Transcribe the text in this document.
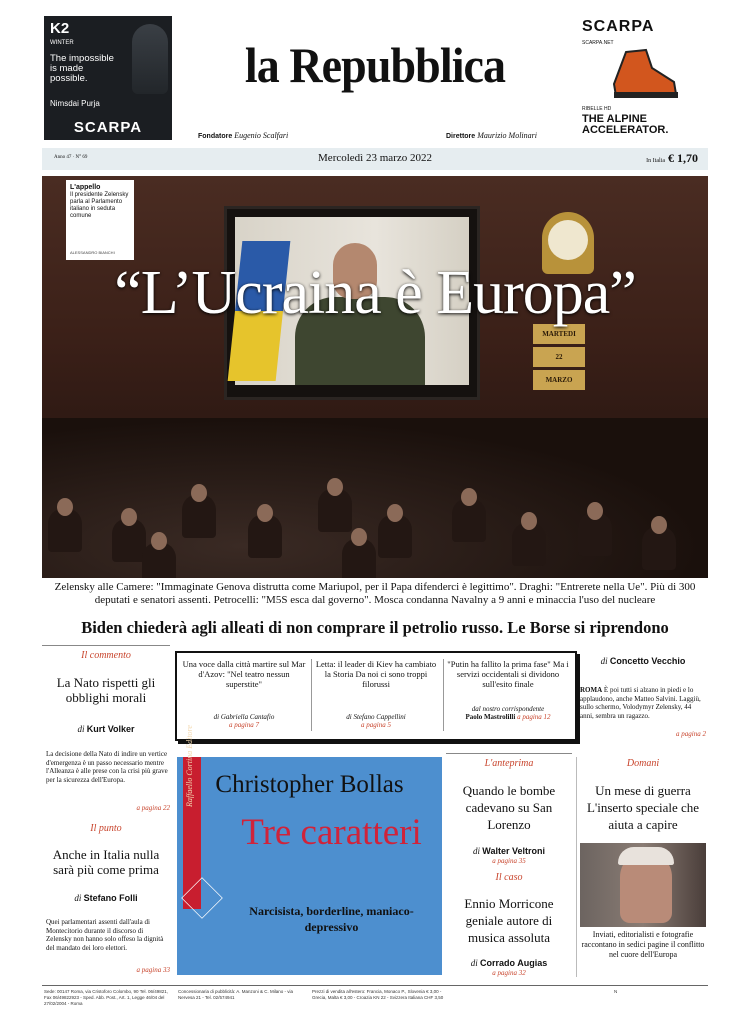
K2
WINTER
The impossible is made possible.
Nimsdai Purja
SCARPA
SCARPA
SCARPA.NET
RIBELLE HD
THE ALPINE ACCELERATOR.
la Repubblica
Fondatore Eugenio Scalfari	Direttore Maurizio Molinari
Anno 47 · N° 69	Mercoledì 23 marzo 2022	In Italia € 1,70
MARTEDI
22
MARZO
L'appello
Il presidente Zelensky parla al Parlamento italiano in seduta comune
ALESSANDRO BIANCHI
“L’Ucraina è Europa”
Zelensky alle Camere: "Immaginate Genova distrutta come Mariupol, per il Papa difenderci è legittimo". Draghi: "Entrerete nella Ue". Più di 300 deputati e senatori assenti. Petrocelli: "M5S esca dal governo". Mosca condanna Navalny a 9 anni e minaccia l'uso del nucleare
Biden chiederà agli alleati di non comprare il petrolio russo. Le Borse si riprendono
Il commento
La Nato rispetti gli obblighi morali
di Kurt Volker
La decisione della Nato di indire un vertice d'emergenza è un passo necessario mentre l'Alleanza è alle prese con la crisi più grave per la sicurezza dell'Europa.
a pagina 22
Il punto
Anche in Italia nulla sarà più come prima
di Stefano Folli
Quei parlamentari assenti dall'aula di Montecitorio durante il discorso di Zelensky non hanno solo offeso la dignità del mandato dei loro elettori.
a pagina 33
Una voce dalla città martire sul Mar d'Azov: "Nel teatro nessun superstite"
Letta: il leader di Kiev ha cambiato la Storia Da noi ci sono troppi filorussi
"Putin ha fallito la prima fase" Ma i servizi occidentali si dividono sull'esito finale
di Gabriella Cantafio
a pagina 7
di Stefano Cappellini
a pagina 5
dal nostro corrispondente
Paolo Mastrolilli a pagina 12
di Concetto Vecchio
ROMA È poi tutti si alzano in piedi e lo applaudono, anche Matteo Salvini. Laggiù, sullo schermo, Volodymyr Zelensky, 44 anni, sembra un ragazzo.
a pagina 2
Raffaello Cortina Editore Christopher Bollas
Tre caratteri
Narcisista, borderline, maniaco-depressivo
L'anteprima
Quando le bombe cadevano su San Lorenzo
di Walter Veltroni
a pagina 35
Il caso
Ennio Morricone geniale autore di musica assoluta
di Corrado Augias
a pagina 32
Domani
Un mese di guerra L'inserto speciale che aiuta a capire
Inviati, editorialisti e fotografie raccontano in sedici pagine il conflitto nel cuore dell'Europa
Sede: 00147 Roma, via Cristoforo Colombo, 90 Tel. 06/49821, Fax 06/49822923 - Sped. Abb. Post., Art. 1, Legge 46/04 del 27/02/2004 - Roma
Concessionaria di pubblicità: A. Manzoni & C. Milano - via Nervesa 21 - Tel. 02/574941
Prezzi di vendita all'estero: Francia, Monaco P., Slovenia € 3,00 - Grecia, Malta € 3,00 - Croazia KN 22 - Svizzera Italiana CHF 3,50
N
